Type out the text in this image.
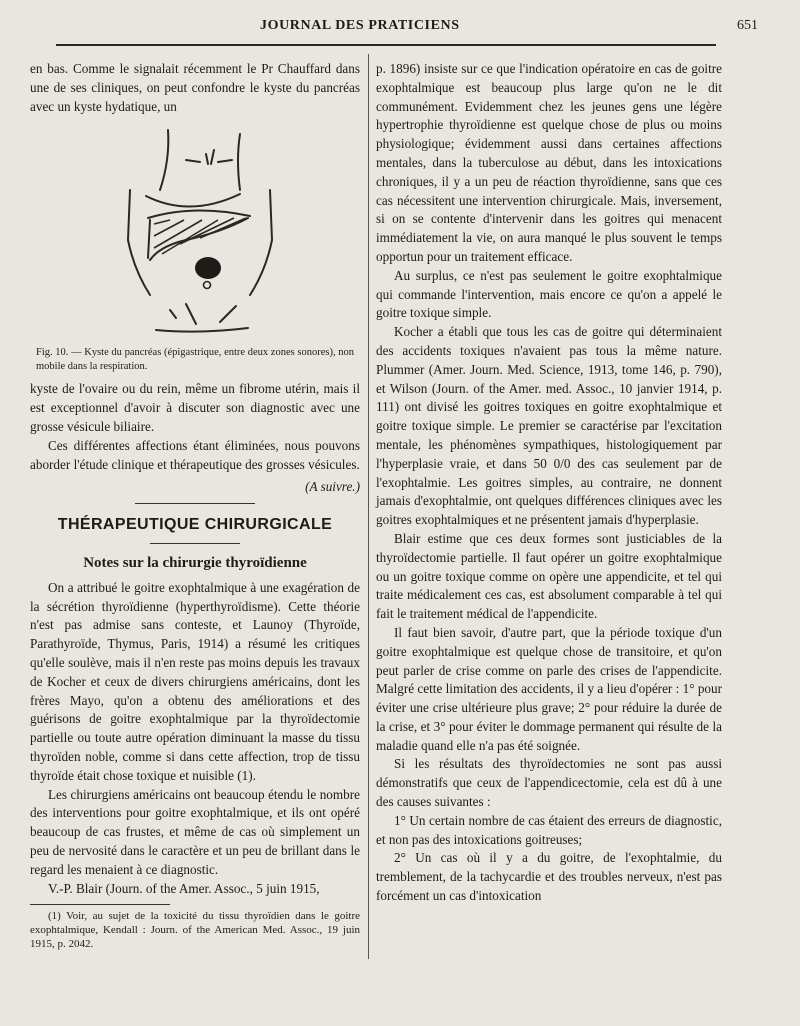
JOURNAL DES PRATICIENS	651

en bas. Comme le signalait récemment le Pr Chauffard dans une de ses cliniques, on peut confondre le kyste du pancréas avec un kyste hydatique, un

Fig. 10. — Kyste du pancréas (épigastrique, entre deux zones sonores), non mobile dans la respiration.

kyste de l'ovaire ou du rein, même un fibrome utérin, mais il est exceptionnel d'avoir à discuter son diagnostic avec une grosse vésicule biliaire.

Ces différentes affections étant éliminées, nous pouvons aborder l'étude clinique et thérapeutique des grosses vésicules.

(A suivre.)

THÉRAPEUTIQUE CHIRURGICALE
Notes sur la chirurgie thyroïdienne

On a attribué le goitre exophtalmique à une exagération de la sécrétion thyroïdienne (hyperthyroïdisme). Cette théorie n'est pas admise sans conteste, et Launoy (Thyroïde, Parathyroïde, Thymus, Paris, 1914) a résumé les critiques qu'elle soulève, mais il n'en reste pas moins depuis les travaux de Kocher et ceux de divers chirurgiens américains, dont les frères Mayo, qu'on a obtenu des améliorations et des guérisons de goitre exophtalmique par la thyroïdectomie partielle ou toute autre opération diminuant la masse du tissu thyroïden noble, comme si dans cette affection, trop de tissu thyroïde était chose toxique et nuisible (1).

Les chirurgiens américains ont beaucoup étendu le nombre des interventions pour goitre exophtalmique, et ils ont opéré beaucoup de cas frustes, et même de cas où simplement un peu de nervosité dans le caractère et un peu de brillant dans le regard les menaient à ce diagnostic.

V.-P. Blair (Journ. of the Amer. Assoc., 5 juin 1915,

(1) Voir, au sujet de la toxicité du tissu thyroïdien dans le goitre exophtalmique, Kendall : Journ. of the American Med. Assoc., 19 juin 1915, p. 2042.

p. 1896) insiste sur ce que l'indication opératoire en cas de goitre exophtalmique est beaucoup plus large qu'on ne le dit communément. Evidemment chez les jeunes gens une légère hypertrophie thyroïdienne est quelque chose de plus ou moins physiologique; évidemment aussi dans certaines affections mentales, dans la tuberculose au début, dans les intoxications chroniques, il y a un peu de réaction thyroïdienne, sans que ces cas nécessitent une intervention chirurgicale. Mais, inversement, si on se contente d'intervenir dans les goitres qui menacent immédiatement la vie, on aura manqué le plus souvent le temps opportun pour un traitement efficace.

Au surplus, ce n'est pas seulement le goitre exophtalmique qui commande l'intervention, mais encore ce qu'on a appelé le goitre toxique simple.

Kocher a établi que tous les cas de goitre qui déterminaient des accidents toxiques n'avaient pas tous la même nature. Plummer (Amer. Journ. Med. Science, 1913, tome 146, p. 790), et Wilson (Journ. of the Amer. med. Assoc., 10 janvier 1914, p. 111) ont divisé les goitres toxiques en goitre exophtalmique et goitre toxique simple. Le premier se caractérise par l'excitation mentale, les phénomènes sympathiques, histologiquement par l'hyperplasie vraie, et dans 50 0/0 des cas seulement par de l'exophtalmie. Les goitres simples, au contraire, ne donnent jamais d'exophtalmie, ont quelques différences cliniques avec les goitres exophtalmiques et ne présentent jamais d'hyperplasie.

Blair estime que ces deux formes sont justiciables de la thyroïdectomie partielle. Il faut opérer un goitre exophtalmique ou un goitre toxique comme on opère une appendicite, et tel qui traite médicalement ces cas, est absolument comparable à tel qui fait le traitement médical de l'appendicite.

Il faut bien savoir, d'autre part, que la période toxique d'un goitre exophtalmique est quelque chose de transitoire, et qu'on peut parler de crise comme on parle des crises de l'appendicite. Malgré cette limitation des accidents, il y a lieu d'opérer : 1° pour éviter une crise ultérieure plus grave; 2° pour réduire la durée de la crise, et 3° pour éviter le dommage permanent qui résulte de la maladie quand elle n'a pas été soignée.

Si les résultats des thyroïdectomies ne sont pas aussi démonstratifs que ceux de l'appendicectomie, cela est dû à une des causes suivantes :

1° Un certain nombre de cas étaient des erreurs de diagnostic, et non pas des intoxications goitreuses;
2° Un cas où il y a du goitre, de l'exophtalmie, du tremblement, de la tachycardie et des troubles nerveux, n'est pas forcément un cas d'intoxication
